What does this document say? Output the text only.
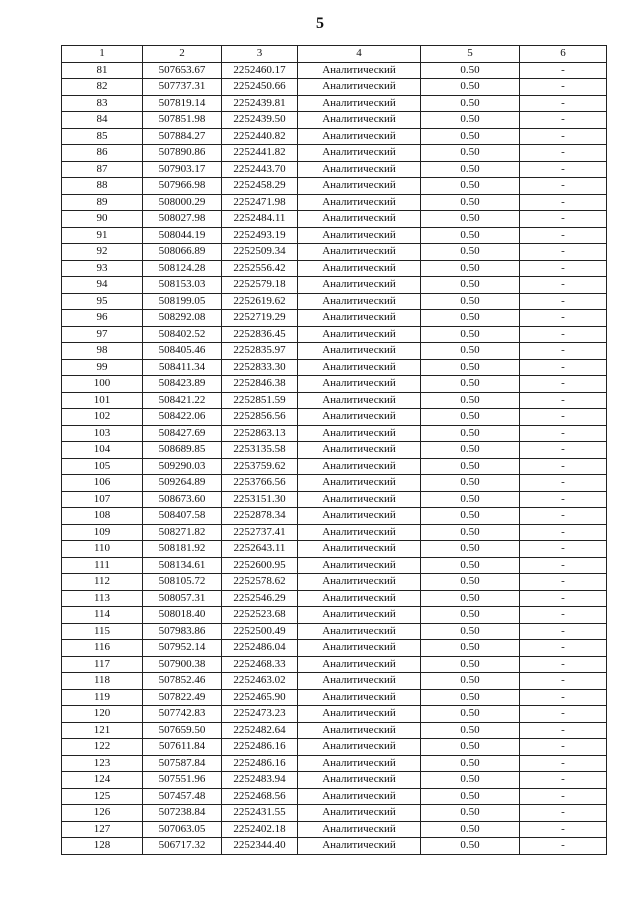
5
1	2	3	4	5	6
81	507653.67	2252460.17	Аналитический	0.50	-
82	507737.31	2252450.66	Аналитический	0.50	-
83	507819.14	2252439.81	Аналитический	0.50	-
84	507851.98	2252439.50	Аналитический	0.50	-
85	507884.27	2252440.82	Аналитический	0.50	-
86	507890.86	2252441.82	Аналитический	0.50	-
87	507903.17	2252443.70	Аналитический	0.50	-
88	507966.98	2252458.29	Аналитический	0.50	-
89	508000.29	2252471.98	Аналитический	0.50	-
90	508027.98	2252484.11	Аналитический	0.50	-
91	508044.19	2252493.19	Аналитический	0.50	-
92	508066.89	2252509.34	Аналитический	0.50	-
93	508124.28	2252556.42	Аналитический	0.50	-
94	508153.03	2252579.18	Аналитический	0.50	-
95	508199.05	2252619.62	Аналитический	0.50	-
96	508292.08	2252719.29	Аналитический	0.50	-
97	508402.52	2252836.45	Аналитический	0.50	-
98	508405.46	2252835.97	Аналитический	0.50	-
99	508411.34	2252833.30	Аналитический	0.50	-
100	508423.89	2252846.38	Аналитический	0.50	-
101	508421.22	2252851.59	Аналитический	0.50	-
102	508422.06	2252856.56	Аналитический	0.50	-
103	508427.69	2252863.13	Аналитический	0.50	-
104	508689.85	2253135.58	Аналитический	0.50	-
105	509290.03	2253759.62	Аналитический	0.50	-
106	509264.89	2253766.56	Аналитический	0.50	-
107	508673.60	2253151.30	Аналитический	0.50	-
108	508407.58	2252878.34	Аналитический	0.50	-
109	508271.82	2252737.41	Аналитический	0.50	-
110	508181.92	2252643.11	Аналитический	0.50	-
111	508134.61	2252600.95	Аналитический	0.50	-
112	508105.72	2252578.62	Аналитический	0.50	-
113	508057.31	2252546.29	Аналитический	0.50	-
114	508018.40	2252523.68	Аналитический	0.50	-
115	507983.86	2252500.49	Аналитический	0.50	-
116	507952.14	2252486.04	Аналитический	0.50	-
117	507900.38	2252468.33	Аналитический	0.50	-
118	507852.46	2252463.02	Аналитический	0.50	-
119	507822.49	2252465.90	Аналитический	0.50	-
120	507742.83	2252473.23	Аналитический	0.50	-
121	507659.50	2252482.64	Аналитический	0.50	-
122	507611.84	2252486.16	Аналитический	0.50	-
123	507587.84	2252486.16	Аналитический	0.50	-
124	507551.96	2252483.94	Аналитический	0.50	-
125	507457.48	2252468.56	Аналитический	0.50	-
126	507238.84	2252431.55	Аналитический	0.50	-
127	507063.05	2252402.18	Аналитический	0.50	-
128	506717.32	2252344.40	Аналитический	0.50	-
